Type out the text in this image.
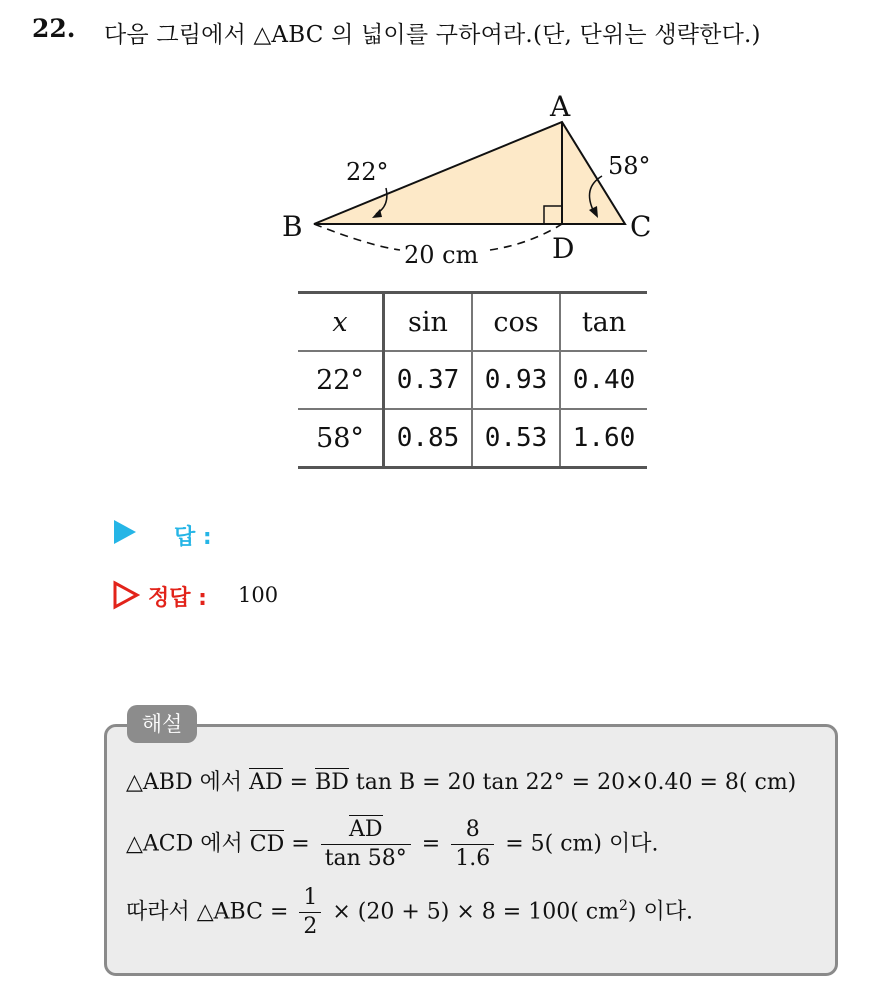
22. 다음 그림에서 △ABC 의 넓이를 구하여라.(단, 단위는 생략한다.)
A
B	C
D
22°	58°
20 cm
x	sin	cos	tan
22°	0.37	0.93	0.40
58°	0.85	0.53	1.60
답 :
정답 : 100
해설
△ABD 에서 AD = BD tan B = 20 tan 22° = 20×0.40 = 8( cm)
△ACD 에서 CD = $\frac{AD}{\tan 58^\circ} = \frac{8}{1.6} = 5$( cm) 이다.
따라서 △ABC = $\frac{1}{2} \times (20 + 5) \times 8 = 100$( $cm^2$) 이다.
